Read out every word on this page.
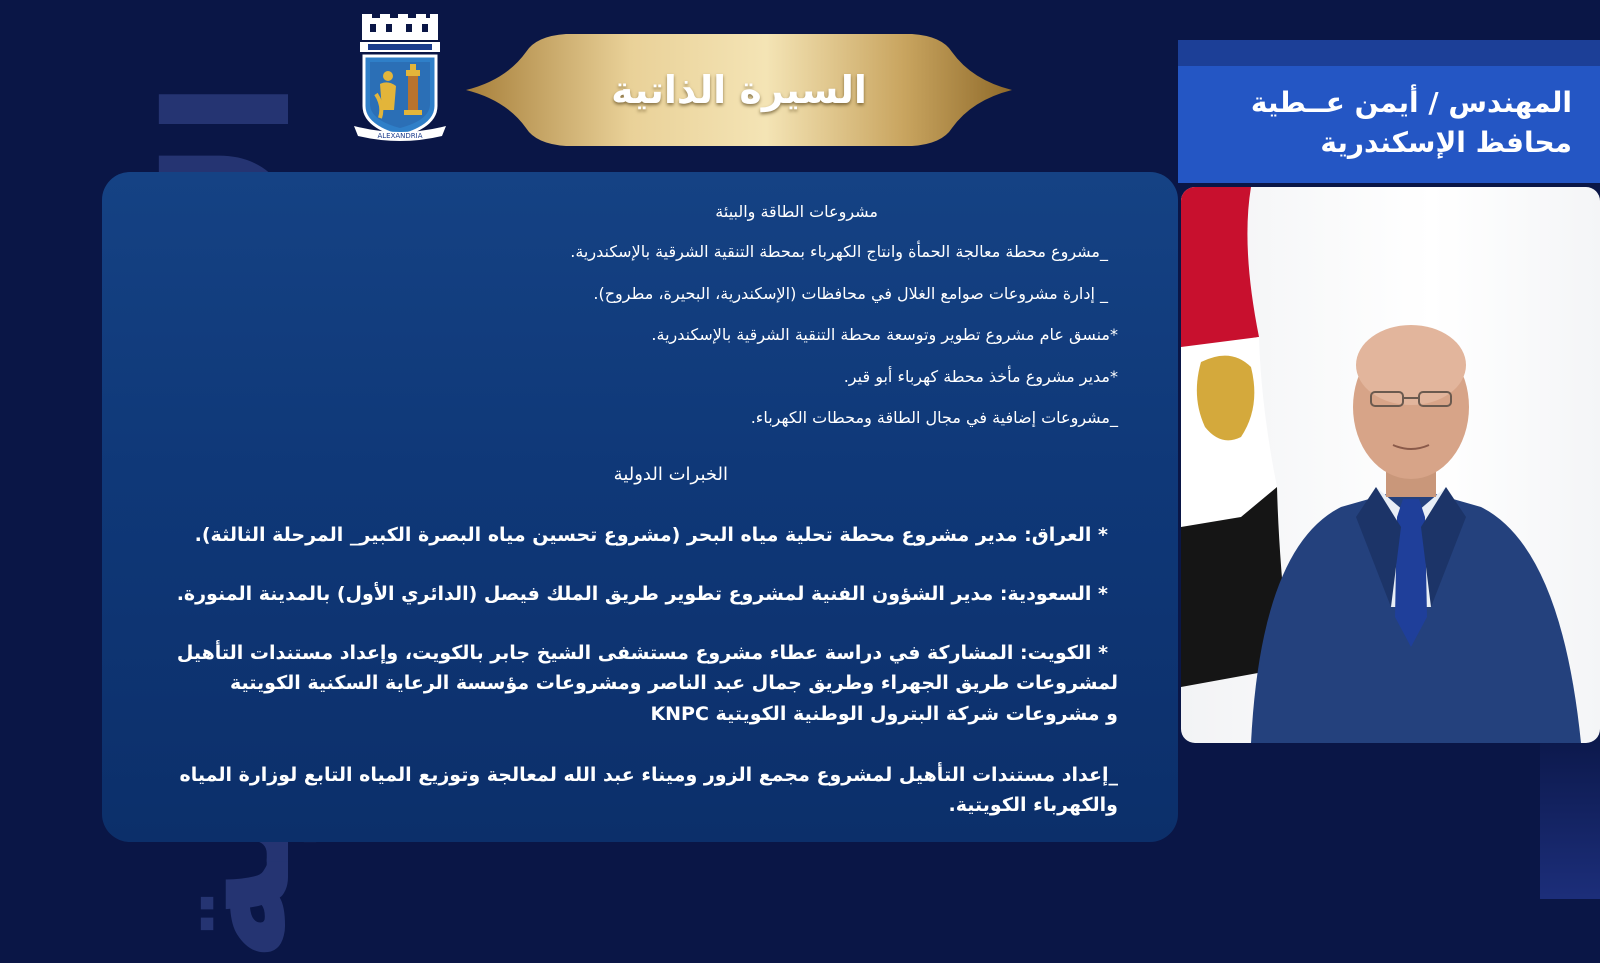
ALEXANDRIA
السيرة الذاتية	المهندس / أيمن عــطية
محافظ الإسكندرية
مشروعات الطاقة والبيئة
_مشروع محطة معالجة الحمأة وانتاج الكهرباء بمحطة التنقية الشرقية بالإسكندرية.
_ إدارة مشروعات صوامع الغلال في محافظات (الإسكندرية، البحيرة، مطروح).
*منسق عام مشروع تطوير وتوسعة محطة التنقية الشرقية بالإسكندرية.
*مدير مشروع مأخذ محطة كهرباء أبو قير.
_مشروعات إضافية في مجال الطاقة ومحطات الكهرباء.
الخبرات الدولية
* العراق: مدير مشروع محطة تحلية مياه البحر (مشروع تحسين مياه البصرة الكبير_ المرحلة الثالثة).
* السعودية: مدير الشؤون الفنية لمشروع تطوير طريق الملك فيصل (الدائري الأول) بالمدينة المنورة.
* الكويت: المشاركة في دراسة عطاء مشروع مستشفى الشيخ جابر بالكويت، وإعداد مستندات التأهيل
لمشروعات طريق الجهراء وطريق جمال عبد الناصر ومشروعات مؤسسة الرعاية السكنية الكويتية
و مشروعات شركة البترول الوطنية الكويتية KNPC
_إعداد مستندات التأهيل لمشروع مجمع الزور وميناء عبد الله لمعالجة وتوزيع المياه التابع لوزارة المياه
والكهرباء الكويتية.
